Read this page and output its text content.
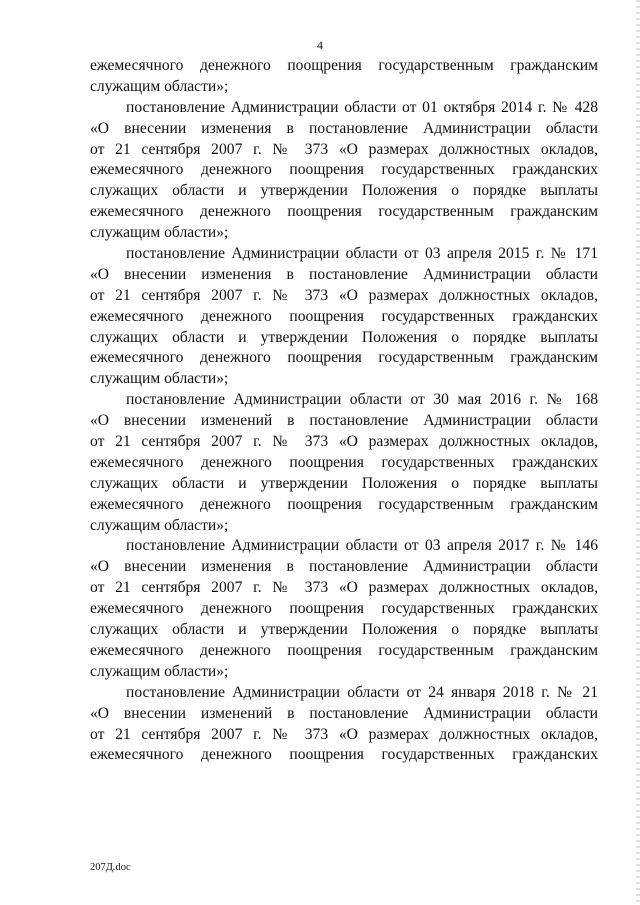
4
ежемесячного денежного поощрения государственным гражданским
служащим области»;
постановление Администрации области от 01 октября 2014 г. № 428
«О внесении изменения в постановление Администрации области
от 21 сентября 2007 г. № 373 «О размерах должностных окладов,
ежемесячного денежного поощрения государственных гражданских
служащих области и утверждении Положения о порядке выплаты
ежемесячного денежного поощрения государственным гражданским
служащим области»;
постановление Администрации области от 03 апреля 2015 г. № 171
«О внесении изменения в постановление Администрации области
от 21 сентября 2007 г. № 373 «О размерах должностных окладов,
ежемесячного денежного поощрения государственных гражданских
служащих области и утверждении Положения о порядке выплаты
ежемесячного денежного поощрения государственным гражданским
служащим области»;
постановление Администрации области от 30 мая 2016 г. № 168
«О внесении изменений в постановление Администрации области
от 21 сентября 2007 г. № 373 «О размерах должностных окладов,
ежемесячного денежного поощрения государственных гражданских
служащих области и утверждении Положения о порядке выплаты
ежемесячного денежного поощрения государственным гражданским
служащим области»;
постановление Администрации области от 03 апреля 2017 г. № 146
«О внесении изменения в постановление Администрации области
от 21 сентября 2007 г. № 373 «О размерах должностных окладов,
ежемесячного денежного поощрения государственных гражданских
служащих области и утверждении Положения о порядке выплаты
ежемесячного денежного поощрения государственным гражданским
служащим области»;
постановление Администрации области от 24 января 2018 г. № 21
«О внесении изменений в постановление Администрации области
от 21 сентября 2007 г. № 373 «О размерах должностных окладов,
ежемесячного денежного поощрения государственных гражданских
207Д.doc
